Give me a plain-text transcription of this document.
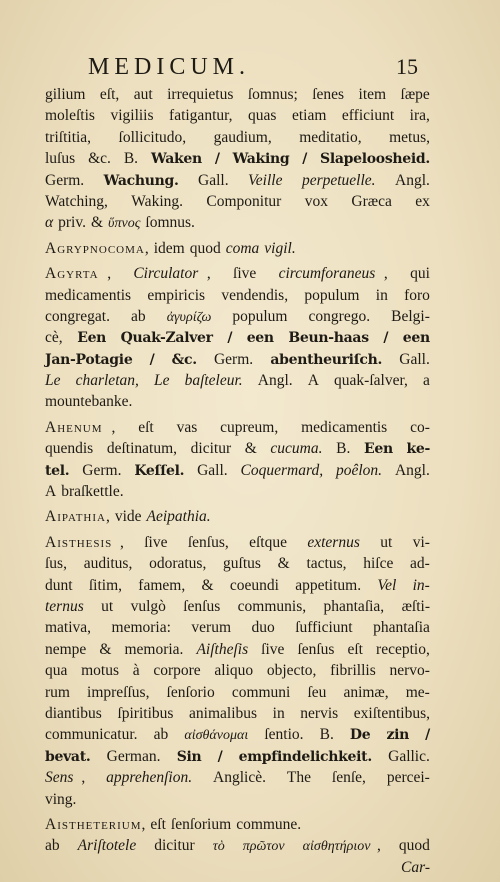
MEDICUM.	15
gilium eſt, aut irrequietus ſomnus; ſenes item ſæpe
moleſtis vigiliis fatigantur, quas etiam efficiunt ira,
triſtitia, ſollicitudo, gaudium, meditatio, metus,
luſus &c. B. Waken / Waking / Slapeloosheid.
Germ. Wachung. Gall. Veille perpetuelle. Angl.
Watching, Waking. Componitur vox Græca ex
α priv. & ὕπνος ſomnus.
Agrypnocoma , idem quod coma vigil.
Agyrta , Circulator , ſive circumforaneus , qui
medicamentis empiricis vendendis, populum in foro
congregat. ab ἀγυρίζω populum congrego. Belgi-
cè, Een Quak-Zalver / een Beun-haas / een
Jan-Potagie / &c. Germ. abentheuriſch. Gall.
Le charletan, Le baſteleur. Angl. A quak-ſalver, a
mountebanke.
Ahenum , eſt vas cupreum, medicamentis co-
quendis deſtinatum, dicitur & cucuma. B. Een ke-
tel. Germ. Keſſel. Gall. Coquermard, poêlon. Angl.
A braſkettle.
Aipathia , vide Aeipathia.
Aisthesis , ſive ſenſus, eſtque externus ut vi-
ſus, auditus, odoratus, guſtus & tactus, hiſce ad-
dunt ſitim, famem, & coeundi appetitum. Vel in-
ternus ut vulgò ſenſus communis, phantaſia, æſti-
mativa, memoria: verum duo ſufficiunt phantaſia
nempe & memoria. Aiſtheſis ſive ſenſus eſt receptio,
qua motus à corpore aliquo objecto, fibrillis nervo-
rum impreſſus, ſenſorio communi ſeu animæ, me-
diantibus ſpiritibus animalibus in nervis exiſtentibus,
communicatur. ab αἰσθάνομαι ſentio. B. De zin /
bevat. German. Sin / empfindelichkeit. Gallic.
Sens , apprehenſion. Anglicè. The ſenſe, percei-
ving.
Aistheterium , eſt ſenſorium commune.
ab Ariſtotele dicitur τὸ πρῶτον αἰσθητήριον , quod
Car-
